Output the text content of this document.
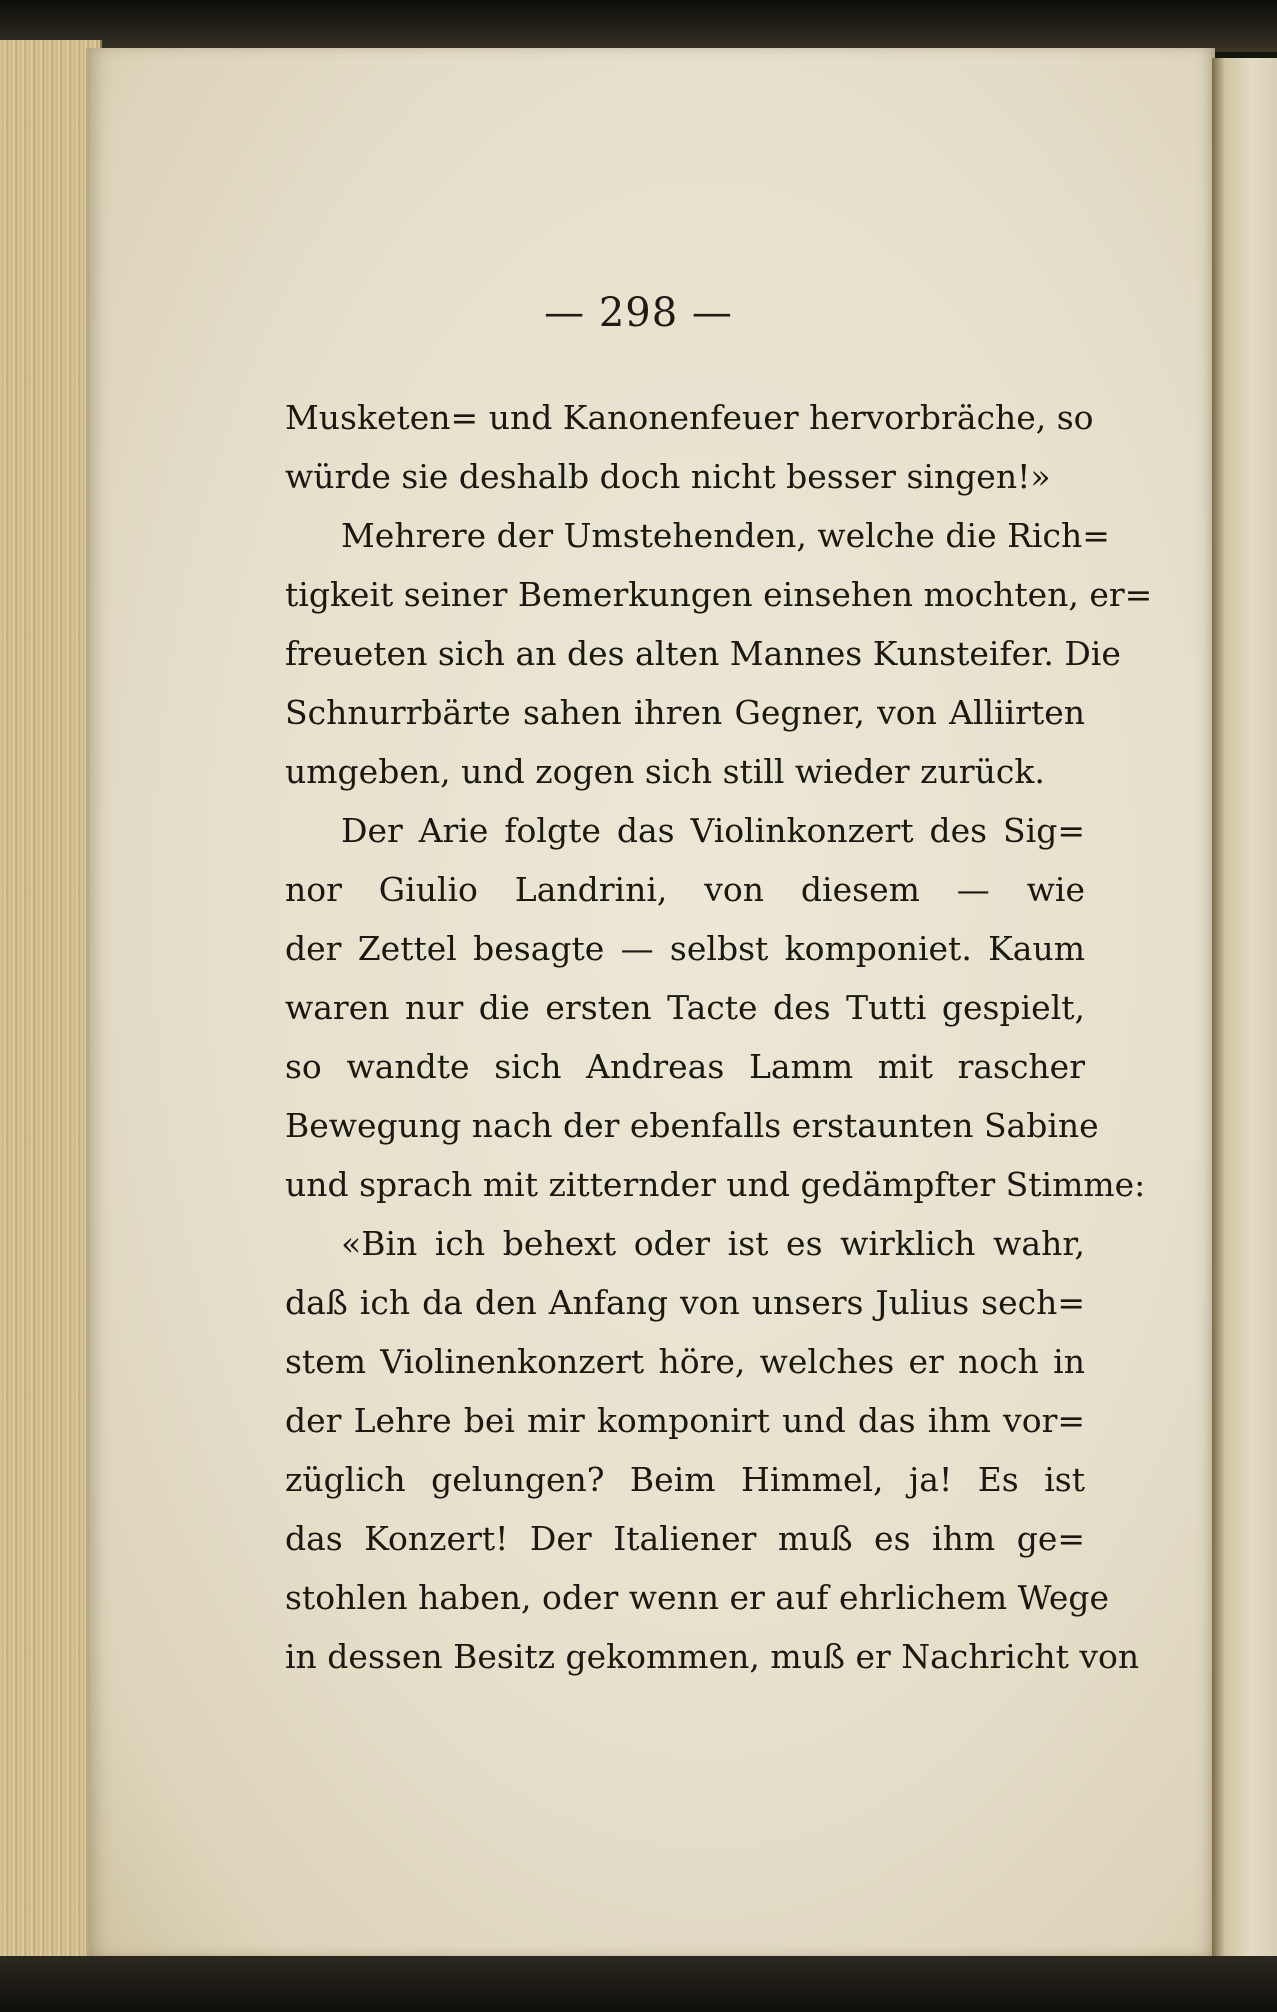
— 298 —
Musketen= und Kanonenfeuer hervorbräche, so
würde sie deshalb doch nicht besser singen!»
Mehrere der Umstehenden, welche die Rich=
tigkeit seiner Bemerkungen einsehen mochten, er=
freueten sich an des alten Mannes Kunsteifer. Die
Schnurrbärte sahen ihren Gegner, von Alliirten
umgeben, und zogen sich still wieder zurück.
Der Arie folgte das Violinkonzert des Sig=
nor Giulio Landrini, von diesem — wie
der Zettel besagte — selbst komponiet. Kaum
waren nur die ersten Tacte des Tutti gespielt,
so wandte sich Andreas Lamm mit rascher
Bewegung nach der ebenfalls erstaunten Sabine
und sprach mit zitternder und gedämpfter Stimme:
«Bin ich behext oder ist es wirklich wahr,
daß ich da den Anfang von unsers Julius sech=
stem Violinenkonzert höre, welches er noch in
der Lehre bei mir komponirt und das ihm vor=
züglich gelungen? Beim Himmel, ja! Es ist
das Konzert! Der Italiener muß es ihm ge=
stohlen haben, oder wenn er auf ehrlichem Wege
in dessen Besitz gekommen, muß er Nachricht von
